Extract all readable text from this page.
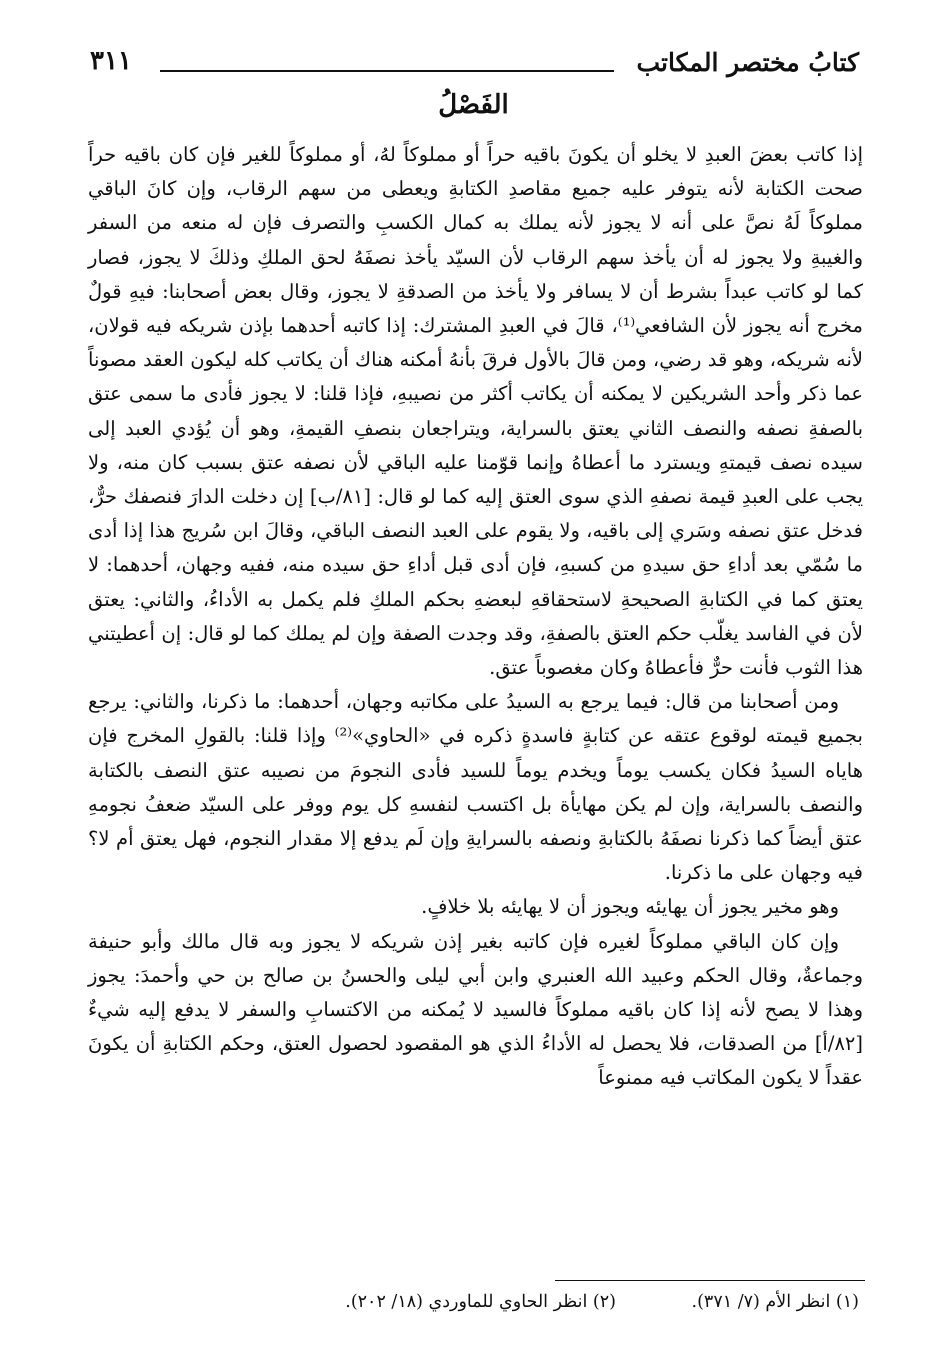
كتابُ مختصر المكاتب
٣١١
الفَصْلُ

إذا كاتب بعضَ العبدِ لا يخلو أن يكونَ باقيه حراً أو مملوكاً لهُ، أو مملوكاً للغير فإن كان باقيه حراً صحت الكتابة لأنه يتوفر عليه جميع مقاصدِ الكتابةِ ويعطى من سهم الرقاب، وإن كانَ الباقي مملوكاً لَهُ نصَّ على أنه لا يجوز لأنه يملك به كمال الكسبِ والتصرف فإن له منعه من السفر والغيبةِ ولا يجوز له أن يأخذ سهم الرقاب لأن السيّد يأخذ نصفَهُ لحق الملكِ وذلكَ لا يجوز، فصار كما لو كاتب عبداً بشرط أن لا يسافر ولا يأخذ من الصدقةِ لا يجوز، وقال بعض أصحابنا: فيهِ قولٌ مخرج أنه يجوز لأن الشافعي⁽¹⁾، قالَ في العبدِ المشترك: إذا كاتبه أحدهما بإذن شريكه فيه قولان، لأنه شريكه، وهو قد رضي، ومن قالَ بالأول فرقَ بأنهُ أمكنه هناك أن يكاتب كله ليكون العقد مصوناً عما ذكر وأحد الشريكين لا يمكنه أن يكاتب أكثر من نصيبهِ، فإذا قلنا: لا يجوز فأدى ما سمى عتق بالصفةِ نصفه والنصف الثاني يعتق بالسراية، ويتراجعان بنصفِ القيمةِ، وهو أن يُؤدي العبد إلى سيده نصف قيمتهِ ويسترد ما أعطاهُ وإنما قوّمنا عليه الباقي لأن نصفه عتق بسبب كان منه، ولا يجب على العبدِ قيمة نصفهِ الذي سوى العتق إليه كما لو قال: [٨١/ب] إن دخلت الدارَ فنصفك حرٌّ، فدخل عتق نصفه وسَري إلى باقيه، ولا يقوم على العبد النصف الباقي، وقالَ ابن سُريج هذا إذا أدى ما سُمّي بعد أداءِ حق سيدهِ من كسبهِ، فإن أدى قبل أداءِ حق سيده منه، ففيه وجهان، أحدهما: لا يعتق كما في الكتابةِ الصحيحةِ لاستحقاقهِ لبعضهِ بحكم الملكِ فلم يكمل به الأداءُ، والثاني: يعتق لأن في الفاسد يغلّب حكم العتق بالصفةِ، وقد وجدت الصفة وإن لم يملك كما لو قال: إن أعطيتني هذا الثوب فأنت حرٌّ فأعطاهُ وكان مغصوباً عتق.

ومن أصحابنا من قال: فيما يرجع به السيدُ على مكاتبه وجهان، أحدهما: ما ذكرنا، والثاني: يرجع بجميع قيمته لوقوع عتقه عن كتابةٍ فاسدةٍ ذكره في «الحاوي»⁽²⁾ وإذا قلنا: بالقولِ المخرج فإن هاياه السيدُ فكان يكسب يوماً ويخدم يوماً للسيد فأدى النجومَ من نصيبه عتق النصف بالكتابة والنصف بالسراية، وإن لم يكن مهايأة بل اكتسب لنفسهِ كل يوم ووفر على السيّد ضعفُ نجومهِ عتق أيضاً كما ذكرنا نصفَهُ بالكتابةِ ونصفه بالسرايةِ وإن لَم يدفع إلا مقدار النجوم، فهل يعتق أم لا؟ فيه وجهان على ما ذكرنا.

وهو مخير يجوز أن يهايئه ويجوز أن لا يهايئه بلا خلافٍ.

وإن كان الباقي مملوكاً لغيره فإن كاتبه بغير إذن شريكه لا يجوز وبه قال مالك وأبو حنيفة وجماعةٌ، وقال الحكم وعبيد الله العنبري وابن أبي ليلى والحسنُ بن صالح بن حي وأحمدَ: يجوز وهذا لا يصح لأنه إذا كان باقيه مملوكاً فالسيد لا يُمكنه من الاكتسابِ والسفر لا يدفع إليه شيءٌ [٨٢/أ] من الصدقات، فلا يحصل له الأداءُ الذي هو المقصود لحصول العتق، وحكم الكتابةِ أن يكونَ عقداً لا يكون المكاتب فيه ممنوعاً

(١) انظر الأم (٧/ ٣٧١). (٢) انظر الحاوي للماوردي (١٨/ ٢٠٢).
